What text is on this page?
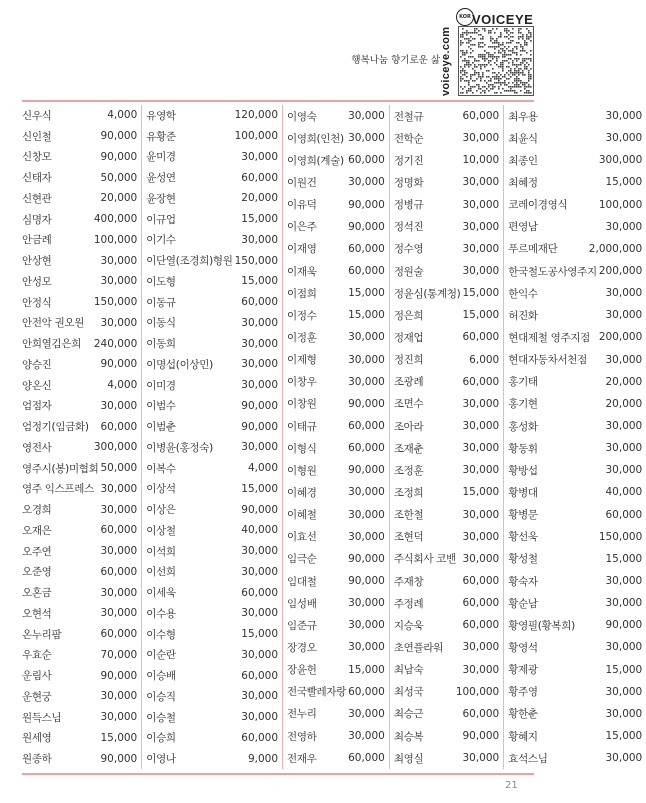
KOR VOICEYE
voiceye.com
행복나눔 향기로운 삶
신우식	4,000
신인철	90,000
신창모	90,000
신태자	50,000
신현관	20,000
심명자	400,000
안금례	100,000
안상현	30,000
안성모	30,000
안정식	150,000
안전악 권오원 30,000
안희열김은희 240,000
양승진	90,000
양온신	4,000
엄점자	30,000
엄정기(임금화) 60,000
영전사	300,000
영주시(봉)미협회 50,000
영주 익스프레스 30,000
오경희	30,000
오재은	60,000
오주연	30,000
오준영	60,000
오혼금	30,000
오현석	30,000
온누리팜	60,000
우효순	70,000
운림사	90,000
운현궁	30,000
원득스님	30,000
원세영	15,000
원종하	90,000
유영학	120,000
유황준	100,000
윤미경	30,000
윤성연	60,000
윤장현	20,000
이규업	15,000
이기수	30,000
이단열(조경희)형원 150,000
이도형	15,000
이동규	60,000
이동식	30,000
이동희	30,000
이명섭(이상민)	30,000
이미경	30,000
이범수	90,000
이범춘	90,000
이병윤(홍정숙)	30,000
이복수	4,000
이상석	15,000
이상은	90,000
이상철	40,000
이석희	30,000
이선희	30,000
이세욱	60,000
이수용	30,000
이수형	15,000
이순란	30,000
이승배	60,000
이승직	30,000
이승철	30,000
이승희	60,000
이영나	9,000
이영숙	30,000
이영희(인천) 30,000
이영희(계술) 60,000
이원건	30,000
이유덕	90,000
이은주	90,000
이재영	60,000
이재욱	60,000
이점희	15,000
이정수	15,000
이정훈	30,000
이제형	30,000
이창우	30,000
이창원	90,000
이태규	60,000
이형식	60,000
이형원	90,000
이혜경	30,000
이혜철	30,000
이효선	30,000
임극순	90,000
임대철	90,000
임성배	30,000
임준규	30,000
장경오	30,000
장윤헌	15,000
전국빨레자랑 60,000
전누리	30,000
전영하	30,000
전재우	60,000
전철규	60,000
전학순	30,000
정기진	10,000
정명화	30,000
정병규	30,000
정석진	30,000
정수영	30,000
정원술	30,000
정윤심(통계청) 15,000
정은희	15,000
정재업	60,000
정진희	6,000
조광례	60,000
조면수	30,000
조아라	30,000
조재춘	30,000
조정훈	30,000
조정희	15,000
조한철	30,000
조현덕	30,000
주식회사 코밴 30,000
주재창	60,000
주정례	60,000
지승욱	60,000
초연플라워 30,000
최남숙	30,000
최성국	100,000
최승근	60,000
최승복	90,000
최영실	30,000
최우용	30,000
최윤식	30,000
최종인	300,000
최혜정	15,000
코레이경영식	100,000
편영남	30,000
푸르메재단	2,000,000
한국철도공사영주지 200,000
한익수	30,000
허진화	30,000
현대제철 영주지점 200,000
현대자동차서천점 30,000
홍기태	20,000
홍기현	20,000
홍성화	30,000
황동휘	30,000
황방섭	30,000
황병대	40,000
황병문	60,000
황선욱	150,000
황성철	15,000
황숙자	30,000
황순남	30,000
황영필(황복희)	90,000
황영석	30,000
황제광	15,000
황주영	30,000
황한춘	30,000
황혜지	15,000
효석스님	30,000
21
